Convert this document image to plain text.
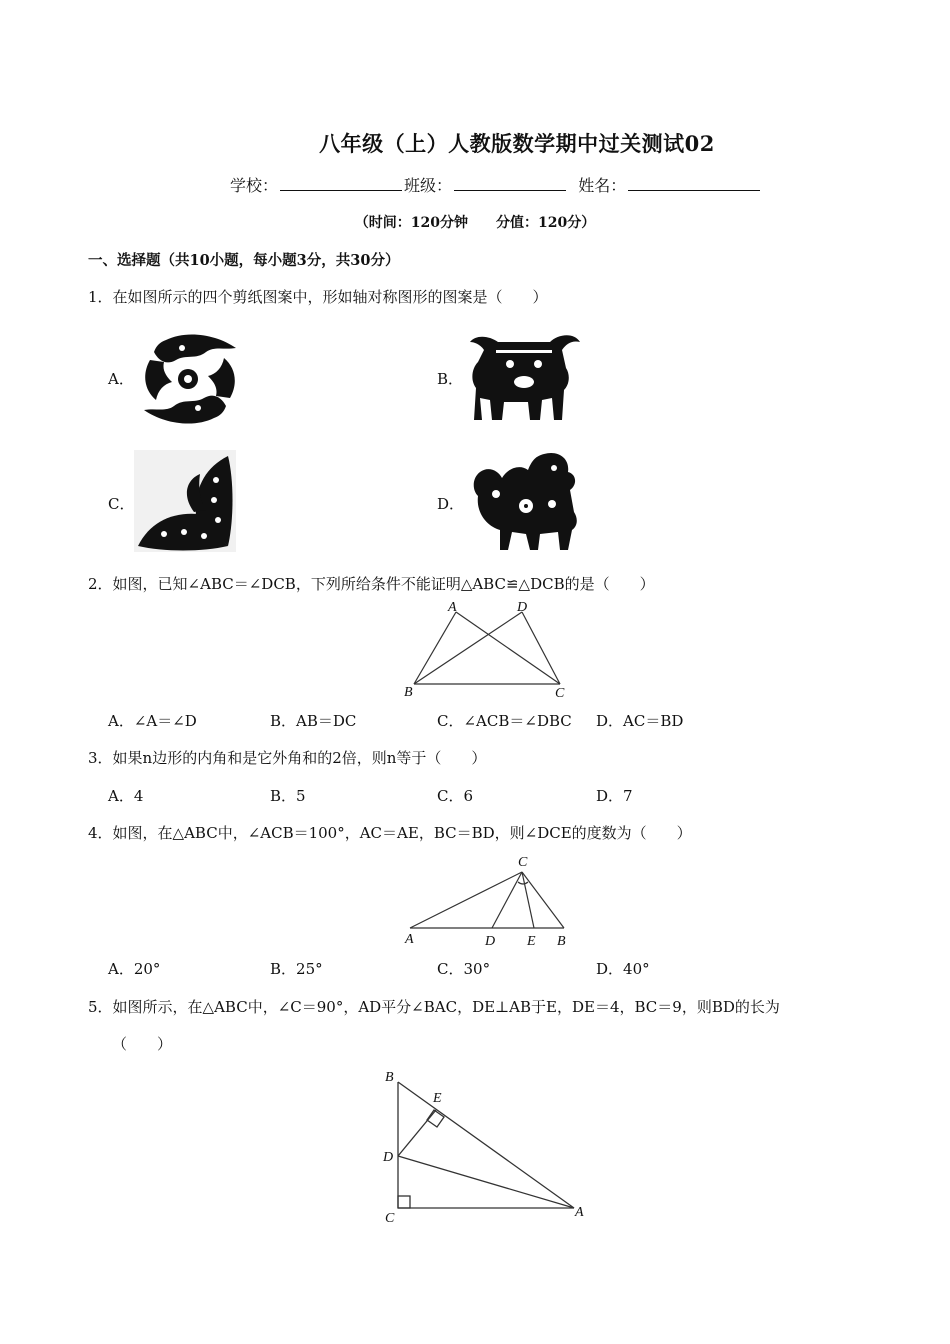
八年级（上）人教版数学期中过关测试02
学校：	班级：	姓名：
（时间：120分钟　　分值：120分）
一、选择题（共10小题，每小题3分，共30分）
1．在如图所示的四个剪纸图案中，形如轴对称图形的图案是（　　）
A．	B．
C．	D．
2．如图，已知∠ABC＝∠DCB，下列所给条件不能证明△ABC≌△DCB的是（　　）
A	D
B	C
A．∠A＝∠D	B．AB＝DC	C．∠ACB＝∠DBC D．AC＝BD
3．如果n边形的内角和是它外角和的2倍，则n等于（　　）
A．4	B．5	C．6	D．7
4．如图，在△ABC中，∠ACB＝100°，AC＝AE，BC＝BD，则∠DCE的度数为（　　）
C
A	D E B
A．20°	B．25°	C．30°	D．40°
5．如图所示，在△ABC中，∠C＝90°，AD平分∠BAC，DE⊥AB于E，DE＝4，BC＝9，则BD的长为
（　　）
B
E
D
C	A
